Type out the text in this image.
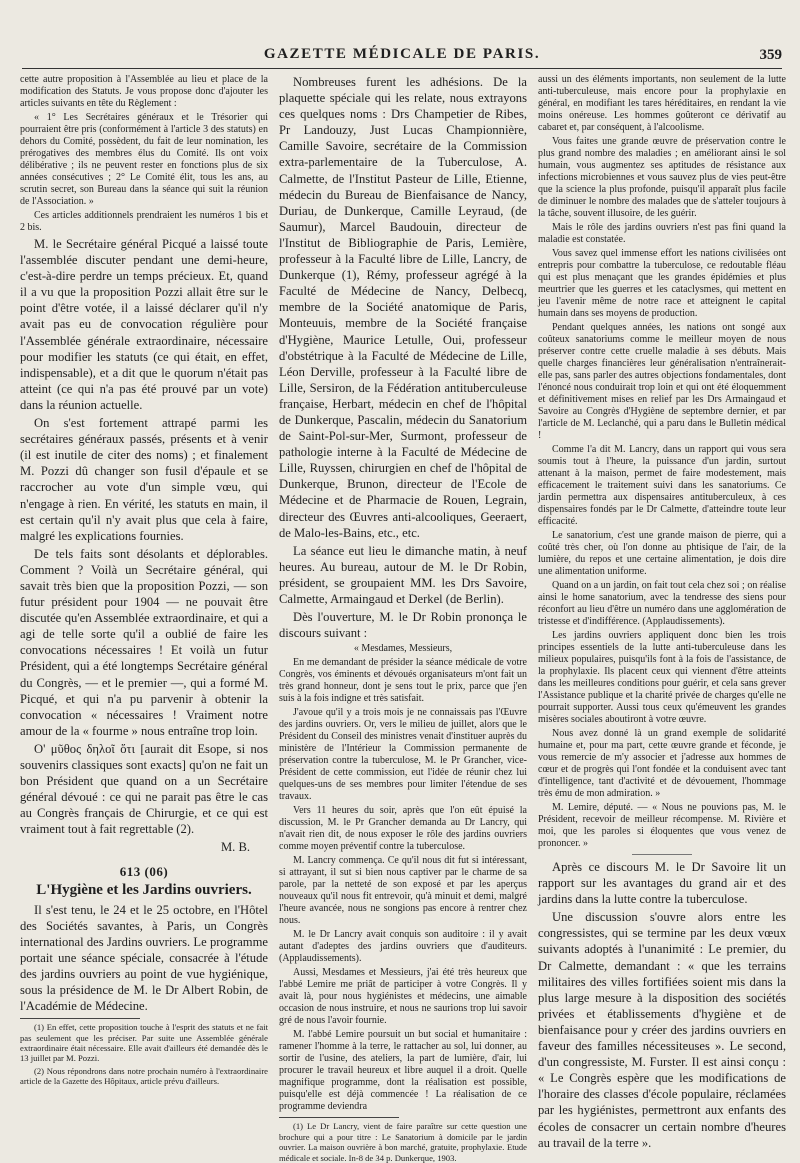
GAZETTE MÉDICALE DE PARIS.	359

cette autre proposition à l'Assemblée au lieu et place de la modification des Statuts. Je vous propose donc d'ajouter les articles suivants en tête du Règlement :

« 1° Les Secrétaires généraux et le Trésorier qui pourraient être pris (conformément à l'article 3 des statuts) en dehors du Comité, possèdent, du fait de leur nomination, les prérogatives des membres élus du Comité. Ils ont voix délibérative ; ils ne peuvent rester en fonctions plus de six années consécutives ; 2° Le Comité élit, tous les ans, au scrutin secret, son Bureau dans la séance qui suit la réunion de l'Association. »

Ces articles additionnels prendraient les numéros 1 bis et 2 bis.

M. le Secrétaire général Picqué a laissé toute l'assemblée discuter pendant une demi-heure, c'est-à-dire perdre un temps précieux. Et, quand il a vu que la proposition Pozzi allait être sur le point d'être votée, il a laissé déclarer qu'il n'y avait pas eu de convocation régulière pour l'Assemblée générale extraordinaire, nécessaire pour modifier les statuts (ce qui était, en effet, indispensable), et a dit que le quorum n'était pas atteint (ce qui n'a pas été prouvé par un vote) dans la réunion actuelle.

On s'est fortement attrapé parmi les secrétaires généraux passés, présents et à venir (il est inutile de citer des noms) ; et finalement M. Pozzi dû changer son fusil d'épaule et se raccrocher au vote d'un simple vœu, qui n'engage à rien. En vérité, les statuts en main, il est certain qu'il n'y avait plus que cela à faire, malgré les explications fournies.

De tels faits sont désolants et déplorables. Comment ? Voilà un Secrétaire général, qui savait très bien que la proposition Pozzi, — son futur président pour 1904 — ne pouvait être discutée qu'en Assemblée extraordinaire, et qui a agi de telle sorte qu'il a oublié de faire les convocations nécessaires ! Et voilà un futur Président, qui a été longtemps Secrétaire général du Congrès, — et le premier —, qui a formé M. Picqué, et qui n'a pu parvenir à obtenir la convocation « nécessaires ! Vraiment notre amour de la « fourme » nous entraîne trop loin.

Ο' μῦθος δηλοῖ ὅτι [aurait dit Esope, si nos souvenirs classiques sont exacts] qu'on ne fait un bon Président que quand on a un Secrétaire général dévoué : ce qui ne parait pas être le cas au Congrès français de Chirurgie, et ce qui est vraiment tout à fait regrettable (2).

M. B.

613 (06)
L'Hygiène et les Jardins ouvriers.

Il s'est tenu, le 24 et le 25 octobre, en l'Hôtel des Sociétés savantes, à Paris, un Congrès international des Jardins ouvriers. Le programme portait une séance spéciale, consacrée à l'étude des jardins ouvriers au point de vue hygiénique, sous la présidence de M. le Dr Albert Robin, de l'Académie de Médecine.

(1) En effet, cette proposition touche à l'esprit des statuts et ne fait pas seulement que les préciser. Par suite une Assemblée générale extraordinaire était nécessaire. Elle avait d'ailleurs été demandée dès le 13 juillet par M. Pozzi.

(2) Nous répondrons dans notre prochain numéro à l'extraordinaire article de la Gazette des Hôpitaux, article prévu d'ailleurs.

Nombreuses furent les adhésions. De la plaquette spéciale qui les relate, nous extrayons ces quelques noms : Drs Champetier de Ribes, Pr Landouzy, Just Lucas Championnière, Camille Savoire, secrétaire de la Commission extra-parlementaire de la Tuberculose, A. Calmette, de l'Institut Pasteur de Lille, Etienne, médecin du Bureau de Bienfaisance de Nancy, Duriau, de Dunkerque, Camille Leyraud, (de Saumur), Marcel Baudouin, directeur de l'Institut de Bibliographie de Paris, Lemière, professeur à la Faculté libre de Lille, Lancry, de Dunkerque (1), Rémy, professeur agrégé à la Faculté de Médecine de Nancy, Delbecq, membre de la Société anatomique de Paris, Monteuuis, membre de la Société française d'Hygiène, Maurice Letulle, Oui, professeur d'obstétrique à la Faculté de Médecine de Lille, Léon Derville, professeur à la Faculté libre de Lille, Sersiron, de la Fédération antituberculeuse française, Herbart, médecin en chef de l'hôpital de Dunkerque, Pascalin, médecin du Sanatorium de Saint-Pol-sur-Mer, Surmont, professeur de pathologie interne à la Faculté de Médecine de Lille, Ruyssen, chirurgien en chef de l'hôpital de Dunkerque, Brunon, directeur de l'Ecole de Médecine et de Pharmacie de Rouen, Legrain, directeur des Œuvres anti-alcooliques, Geeraert, de Malo-les-Bains, etc., etc.

La séance eut lieu le dimanche matin, à neuf heures. Au bureau, autour de M. le Dr Robin, président, se groupaient MM. les Drs Savoire, Calmette, Armaingaud et Derkel (de Berlin).

Dès l'ouverture, M. le Dr Robin prononça le discours suivant :

« Mesdames, Messieurs,

En me demandant de présider la séance médicale de votre Congrès, vos éminents et dévoués organisateurs m'ont fait un très grand honneur, dont je sens tout le prix, parce que j'en suis à la fois indigne et très satisfait.

J'avoue qu'il y a trois mois je ne connaissais pas l'Œuvre des jardins ouvriers. Or, vers le milieu de juillet, alors que le Président du Conseil des ministres venait d'instituer auprès du ministère de l'Intérieur la Commission permanente de préservation contre la tuberculose, M. le Pr Grancher, vice-Président de cette commission, eut l'idée de réunir chez lui quelques-uns de ses membres pour limiter l'étendue de ses travaux.

Vers 11 heures du soir, après que l'on eût épuisé la discussion, M. le Pr Grancher demanda au Dr Lancry, qui n'avait rien dit, de nous exposer le rôle des jardins ouvriers comme moyen préventif contre la tuberculose.

M. Lancry commença. Ce qu'il nous dit fut si intéressant, si attrayant, il sut si bien nous captiver par le charme de sa parole, par la netteté de son exposé et par les aperçus nouveaux qu'il nous fit entrevoir, qu'à minuit et demi, malgré l'heure avancée, nous ne songions pas encore à rentrer chez nous.

M. le Dr Lancry avait conquis son auditoire : il y avait autant d'adeptes des jardins ouvriers que d'auditeurs. (Applaudissements).

Aussi, Mesdames et Messieurs, j'ai été très heureux que l'abbé Lemire me priât de participer à votre Congrès. Il y avait là, pour nous hygiénistes et médecins, une aimable occasion de nous instruire, et nous ne saurions trop lui savoir gré de nous l'avoir fournie.

M. l'abbé Lemire poursuit un but social et humanitaire : ramener l'homme à la terre, le rattacher au sol, lui donner, au sortir de l'usine, des ateliers, la part de lumière, d'air, lui procurer le travail heureux et libre auquel il a droit. Quelle magnifique programme, dont la réalisation est possible, puisqu'elle est déjà commencée ! La réalisation de ce programme deviendra

(1) Le Dr Lancry, vient de faire paraître sur cette question une brochure qui a pour titre : Le Sanatorium à domicile par le jardin ouvrier. La maison ouvrière à bon marché, gratuite, prophylaxie. Etude médicale et sociale. In-8 de 34 p. Dunkerque, 1903.

aussi un des éléments importants, non seulement de la lutte anti-tuberculeuse, mais encore pour la prophylaxie en général, en modifiant les tares héréditaires, en rendant la vie moins onéreuse. Les hommes goûteront ce dérivatif au cabaret et, par conséquent, à l'alcoolisme.

Vous faites une grande œuvre de préservation contre le plus grand nombre des maladies ; en améliorant ainsi le sol humain, vous augmentez ses aptitudes de résistance aux infections microbiennes et vous sauvez plus de vies peut-être que la science la plus profonde, puisqu'il apparaît plus facile de diminuer le nombre des malades que de s'atteler toujours à la tâche, souvent illusoire, de les guérir.

Mais le rôle des jardins ouvriers n'est pas fini quand la maladie est constatée.

Vous savez quel immense effort les nations civilisées ont entrepris pour combattre la tuberculose, ce redoutable fléau qui est plus menaçant que les grandes épidémies et plus meurtrier que les guerres et les cataclysmes, qui mettent en jeu l'avenir même de notre race et atteignent le capital humain dans ses moyens de production.

Pendant quelques années, les nations ont songé aux coûteux sanatoriums comme le meilleur moyen de nous préserver contre cette cruelle maladie à ses débuts. Mais quelle charges financières leur généralisation n'entraînerait-elle pas, sans parler des autres objections fondamentales, dont l'énoncé nous conduirait trop loin et qui ont été éloquemment et définitivement mises en relief par les Drs Armaingaud et Savoire au Congrès d'Hygiène de septembre dernier, et par l'article de M. Leclanché, qui a paru dans le Bulletin médical !

Comme l'a dit M. Lancry, dans un rapport qui vous sera soumis tout à l'heure, la puissance d'un jardin, surtout attenant à la maison, permet de faire modestement, mais efficacement le traitement suivi dans les sanatoriums. Ce jardin permettra aux dispensaires antituberculeux, à ces dispensaires fondés par le Dr Calmette, d'atteindre toute leur efficacité.

Le sanatorium, c'est une grande maison de pierre, qui a coûté très cher, où l'on donne au phtisique de l'air, de la lumière, du repos et une certaine alimentation, je dois dire une alimentation uniforme.

Quand on a un jardin, on fait tout cela chez soi ; on réalise ainsi le home sanatorium, avec la tendresse des siens pour réconfort au lieu d'être un numéro dans une agglomération de tristesse et d'indifférence. (Applaudissements).

Les jardins ouvriers appliquent donc bien les trois principes essentiels de la lutte anti-tuberculeuse dans les milieux populaires, puisqu'ils font à la fois de l'assistance, de la prophylaxie. Ils placent ceux qui viennent d'être atteints dans les meilleures conditions pour guérir, et cela sans grever l'Assistance publique et la charité privée de charges qu'elle ne pourrait supporter. Aussi tous ceux qu'émeuvent les grandes misères sociales aboutiront à votre œuvre.

Nous avez donné là un grand exemple de solidarité humaine et, pour ma part, cette œuvre grande et féconde, je vous remercie de m'y associer et j'adresse aux hommes de cœur et de progrès qui l'ont fondée et la conduisent avec tant d'intelligence, tant d'activité et de dévouement, l'hommage très ému de mon admiration. »

M. Lemire, député. — « Nous ne pouvions pas, M. le Président, recevoir de meilleur récompense. M. Rivière et moi, que les paroles si éloquentes que vous venez de prononcer. »

Après ce discours M. le Dr Savoire lit un rapport sur les avantages du grand air et des jardins dans la lutte contre la tuberculose.

Une discussion s'ouvre alors entre les congressistes, qui se termine par les deux vœux suivants adoptés à l'unanimité : Le premier, du Dr Calmette, demandant : « que les terrains militaires des villes fortifiées soient mis dans la plus large mesure à la disposition des sociétés privées et établissements d'hygiène et de bienfaisance pour y créer des jardins ouvriers en faveur des familles nécessiteuses ». Le second, d'un congressiste, M. Furster. Il est ainsi conçu : « Le Congrès espère que les modifications de l'horaire des classes d'école populaire, réclamées par les hygiénistes, permettront aux enfants des écoles de consacrer un certain nombre d'heures au travail de la terre ».
